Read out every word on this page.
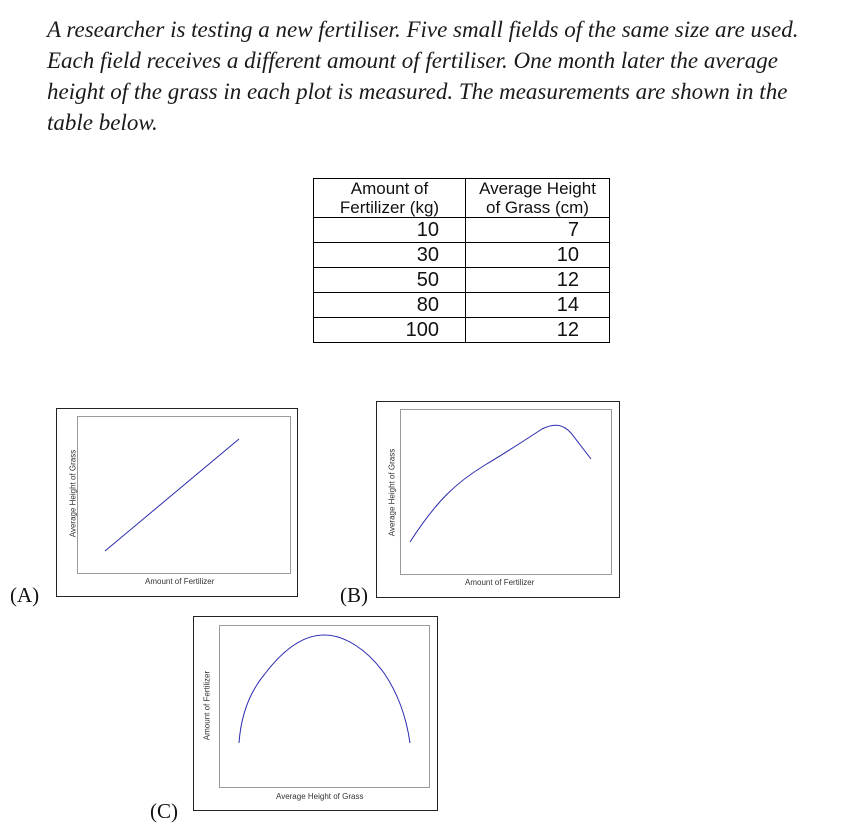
A researcher is testing a new fertiliser. Five small fields of the same size are used.
Each field receives a different amount of fertiliser. One month later the average
height of the grass in each plot is measured. The measurements are shown in the
table below.
Amount of
Fertilizer (kg)	Average Height
of Grass (cm)
10	7
30	10
50	12
80	14
100	12
(A)
Amount of Fertilizer
Average Height of Grass
(B)
Amount of Fertilizer
Average Height of Grass
(C)
Average Height of Grass
Amount of Fertilizer
